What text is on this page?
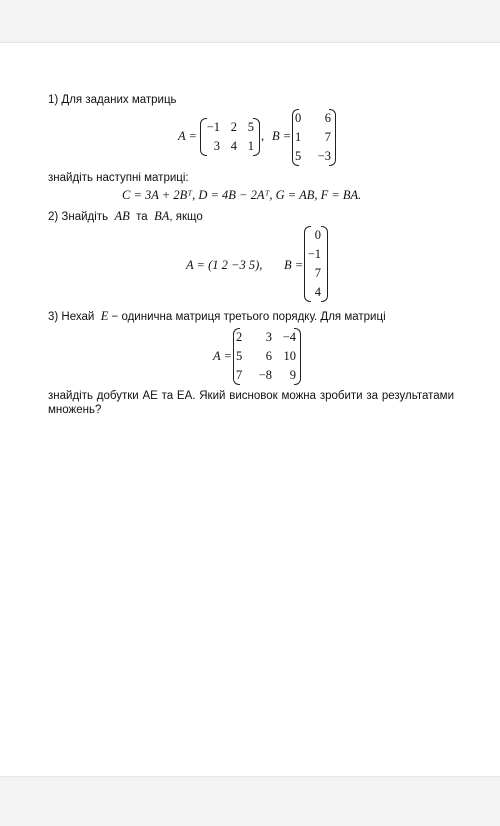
1) Для заданих матриць
A =
−1 2 5
3 4 1
, B =
0	6
1	7
5	−3
знайдіть наступні матриці:
C = 3A + 2Bᵀ, D = 4B − 2Aᵀ, G = AB, F = BA.
2) Знайдіть AB та BA, якщо
A = (1 2 −3 5), B =
0
−1
7
4
3) Нехай E − одинична матриця третього порядку. Для матриці
A =
2	3 −4
5	6 10
7	−8	9
знайдіть добутки AE та EA. Який висновок можна зробити за результатами множень?
